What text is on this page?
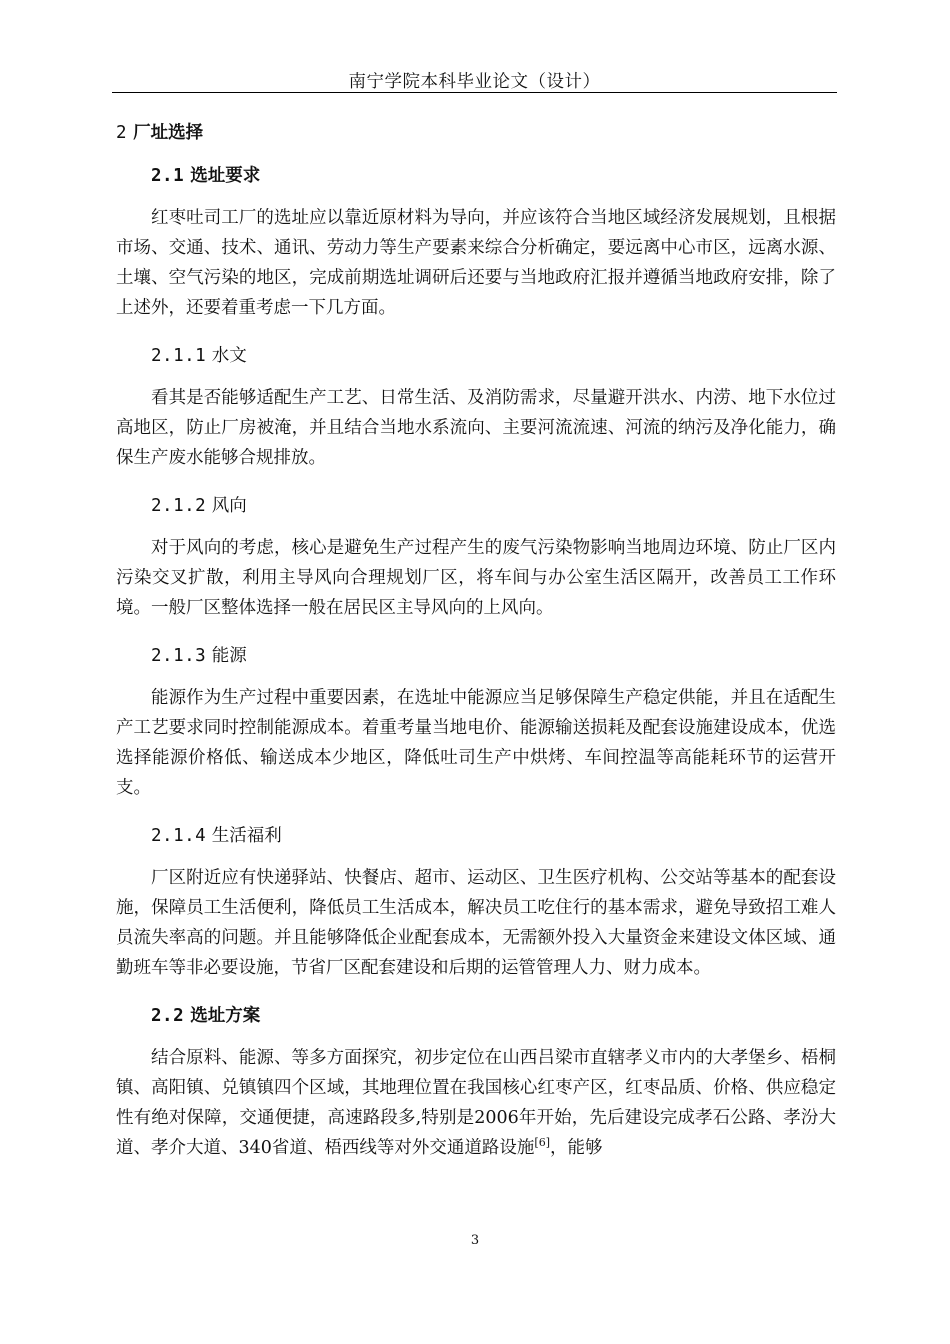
南宁学院本科毕业论文（设计）
2 厂址选择
2.1 选址要求

红枣吐司工厂的选址应以靠近原材料为导向，并应该符合当地区域经济发展规划，且根据市场、交通、技术、通讯、劳动力等生产要素来综合分析确定，要远离中心市区，远离水源、土壤、空气污染的地区，完成前期选址调研后还要与当地政府汇报并遵循当地政府安排，除了上述外，还要着重考虑一下几方面。

2.1.1 水文

看其是否能够适配生产工艺、日常生活、及消防需求，尽量避开洪水、内涝、地下水位过高地区，防止厂房被淹，并且结合当地水系流向、主要河流流速、河流的纳污及净化能力，确保生产废水能够合规排放。

2.1.2 风向

对于风向的考虑，核心是避免生产过程产生的废气污染物影响当地周边环境、防止厂区内污染交叉扩散，利用主导风向合理规划厂区，将车间与办公室生活区隔开，改善员工工作环境。一般厂区整体选择一般在居民区主导风向的上风向。

2.1.3 能源

能源作为生产过程中重要因素，在选址中能源应当足够保障生产稳定供能，并且在适配生产工艺要求同时控制能源成本。着重考量当地电价、能源输送损耗及配套设施建设成本，优选选择能源价格低、输送成本少地区，降低吐司生产中烘烤、车间控温等高能耗环节的运营开支。

2.1.4 生活福利

厂区附近应有快递驿站、快餐店、超市、运动区、卫生医疗机构、公交站等基本的配套设施，保障员工生活便利，降低员工生活成本，解决员工吃住行的基本需求，避免导致招工难人员流失率高的问题。并且能够降低企业配套成本，无需额外投入大量资金来建设文体区域、通勤班车等非必要设施，节省厂区配套建设和后期的运管管理人力、财力成本。

2.2 选址方案

结合原料、能源、等多方面探究，初步定位在山西吕梁市直辖孝义市内的大孝堡乡、梧桐镇、高阳镇、兑镇镇四个区域，其地理位置在我国核心红枣产区，红枣品质、价格、供应稳定性有绝对保障，交通便捷，高速路段多,特别是2006年开始，先后建设完成孝石公路、孝汾大道、孝介大道、340省道、梧西线等对外交通道路设施[6]，能够

3
